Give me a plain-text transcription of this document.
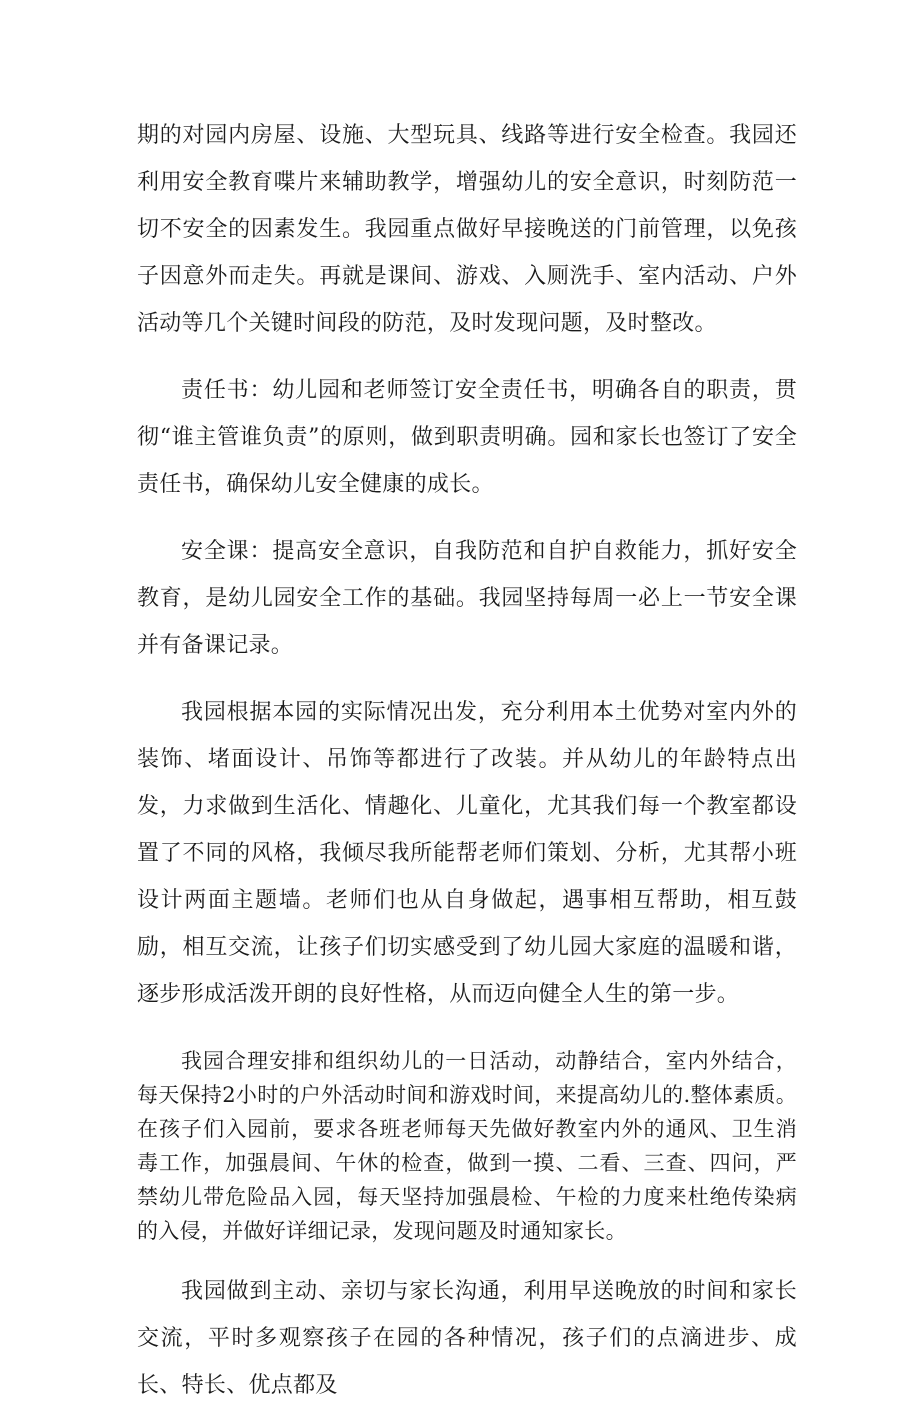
期的对园内房屋、设施、大型玩具、线路等进行安全检查。我园还利用安全教育喋片来辅助教学，增强幼儿的安全意识，时刻防范一切不安全的因素发生。我园重点做好早接晚送的门前管理，以免孩子因意外而走失。再就是课间、游戏、入厕洗手、室内活动、户外活动等几个关键时间段的防范，及时发现问题，及时整改。

责任书：幼儿园和老师签订安全责任书，明确各自的职责，贯彻“谁主管谁负责”的原则，做到职责明确。园和家长也签订了安全责任书，确保幼儿安全健康的成长。

安全课：提高安全意识，自我防范和自护自救能力，抓好安全教育，是幼儿园安全工作的基础。我园坚持每周一必上一节安全课并有备课记录。

我园根据本园的实际情况出发，充分利用本土优势对室内外的装饰、堵面设计、吊饰等都进行了改装。并从幼儿的年龄特点出发，力求做到生活化、情趣化、儿童化，尤其我们每一个教室都设置了不同的风格，我倾尽我所能帮老师们策划、分析，尤其帮小班设计两面主题墙。老师们也从自身做起，遇事相互帮助，相互鼓励，相互交流，让孩子们切实感受到了幼儿园大家庭的温暖和谐，逐步形成活泼开朗的良好性格，从而迈向健全人生的第一步。

我园合理安排和组织幼儿的一日活动，动静结合，室内外结合，每天保持2小时的户外活动时间和游戏时间，来提高幼儿的.整体素质。在孩子们入园前，要求各班老师每天先做好教室内外的通风、卫生消毒工作，加强晨间、午休的检查，做到一摸、二看、三查、四问，严禁幼儿带危险品入园，每天坚持加强晨检、午检的力度来杜绝传染病的入侵，并做好详细记录，发现问题及时通知家长。

我园做到主动、亲切与家长沟通，利用早送晚放的时间和家长交流，平时多观察孩子在园的各种情况，孩子们的点滴进步、成长、特长、优点都及
